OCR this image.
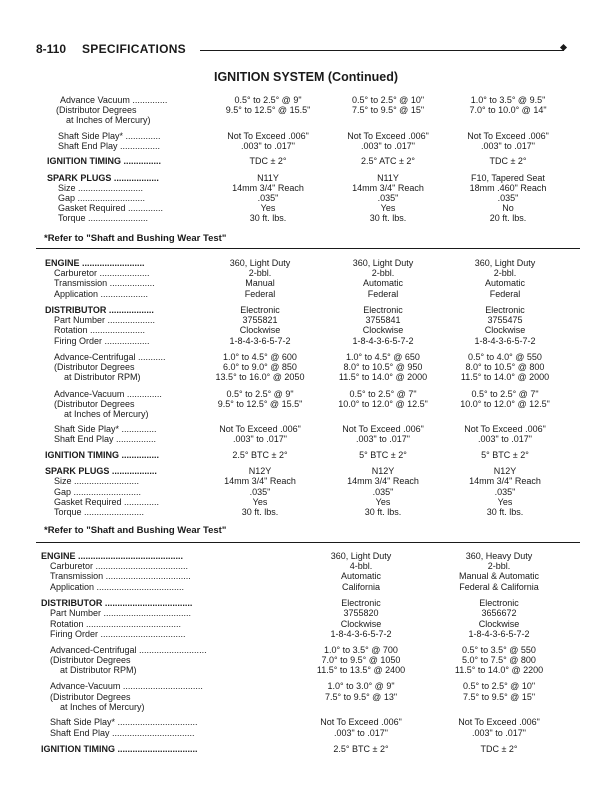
8-110 SPECIFICATIONS
IGNITION SYSTEM (Continued)
Advance Vacuum ..............	0.5° to 2.5° @ 9"	0.5° to 2.5° @ 10"	1.0° to 3.5° @ 9.5"
(Distributor Degrees	9.5° to 12.5° @ 15.5"	7.5° to 9.5° @ 15"	7.0° to 10.0° @ 14"
at Inches of Mercury)
Shaft Side Play* ..............	Not To Exceed .006"	Not To Exceed .006"	Not To Exceed .006"
Shaft End Play ................	.003" to .017"	.003" to .017"	.003" to .017"
IGNITION TIMING ...............	TDC ± 2°	2.5° ATC ± 2°	TDC ± 2°
SPARK PLUGS ..................	N11Y	N11Y	F10, Tapered Seat
Size ..........................	14mm 3/4" Reach	14mm 3/4" Reach	18mm .460" Reach
Gap ...........................	.035"	.035"	.035"
Gasket Required ..............	Yes	Yes	No
Torque ........................	30 ft. lbs.	30 ft. lbs.	20 ft. lbs.
*Refer to "Shaft and Bushing Wear Test"
ENGINE .........................	360, Light Duty	360, Light Duty	360, Light Duty
Carburetor ....................	2-bbl.	2-bbl.	2-bbl.
Transmission ..................	Manual	Automatic	Automatic
Application ...................	Federal	Federal	Federal
DISTRIBUTOR ..................	Electronic	Electronic	Electronic
Part Number ...................	3755821	3755841	3755475
Rotation ......................	Clockwise	Clockwise	Clockwise
Firing Order ..................	1-8-4-3-6-5-7-2	1-8-4-3-6-5-7-2	1-8-4-3-6-5-7-2
Advance-Centrifugal ...........	1.0° to 4.5° @ 600	1.0° to 4.5° @ 650	0.5° to 4.0° @ 550
(Distributor Degrees	6.0° to 9.0° @ 850	8.0° to 10.5° @ 950	8.0° to 10.5° @ 800
at Distributor RPM)	13.5° to 16.0° @ 2050	11.5° to 14.0° @ 2000	11.5° to 14.0° @ 2000
Advance-Vacuum ..............	0.5° to 2.5° @ 9"	0.5° to 2.5° @ 7"	0.5° to 2.5° @ 7"
(Distributor Degrees	9.5° to 12.5° @ 15.5"	10.0° to 12.0° @ 12.5"	10.0° to 12.0° @ 12.5"
at Inches of Mercury)
Shaft Side Play* ..............	Not To Exceed .006"	Not To Exceed .006"	Not To Exceed .006"
Shaft End Play ................	.003" to .017"	.003" to .017"	.003" to .017"
IGNITION TIMING ...............	2.5° BTC ± 2°	5° BTC ± 2°	5° BTC ± 2°
SPARK PLUGS ..................	N12Y	N12Y	N12Y
Size ..........................	14mm 3/4" Reach	14mm 3/4" Reach	14mm 3/4" Reach
Gap ...........................	.035"	.035"	.035"
Gasket Required ..............	Yes	Yes	Yes
Torque ........................	30 ft. lbs.	30 ft. lbs.	30 ft. lbs.
*Refer to "Shaft and Bushing Wear Test"
ENGINE ..........................................	360, Light Duty	360, Heavy Duty
Carburetor .....................................	4-bbl.	2-bbl.
Transmission ..................................	Automatic	Manual & Automatic
Application ...................................	California	Federal & California
DISTRIBUTOR ...................................	Electronic	Electronic
Part Number ...................................	3755820	3656672
Rotation ......................................	Clockwise	Clockwise
Firing Order ..................................	1-8-4-3-6-5-7-2	1-8-4-3-6-5-7-2
Advanced-Centrifugal ...........................	1.0° to 3.5° @ 700	0.5° to 3.5° @ 550
(Distributor Degrees	7.0° to 9.5° @ 1050	5.0° to 7.5° @ 800
at Distributor RPM)	11.5° to 13.5° @ 2400	11.5° to 14.0° @ 2200
Advance-Vacuum ................................	1.0° to 3.0° @ 9"	0.5° to 2.5° @ 10"
(Distributor Degrees	7.5° to 9.5° @ 13"	7.5° to 9.5° @ 15"
at Inches of Mercury)
Shaft Side Play* ................................	Not To Exceed .006"	Not To Exceed .006"
Shaft End Play .................................	.003" to .017"	.003" to .017"
IGNITION TIMING ................................	2.5° BTC ± 2°	TDC ± 2°
